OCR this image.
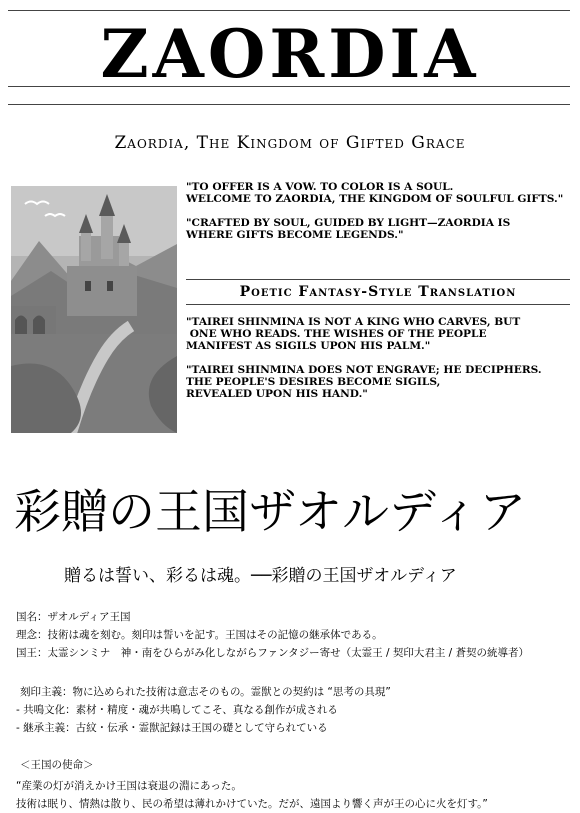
ZAORDIA
Zaordia, The Kingdom of Gifted Grace
"TO OFFER IS A VOW. TO COLOR IS A SOUL.
WELCOME TO ZAORDIA, THE KINGDOM OF SOULFUL GIFTS."
"CRAFTED BY SOUL, GUIDED BY LIGHT—ZAORDIA IS
WHERE GIFTS BECOME LEGENDS."
Poetic Fantasy-Style Translation
"TAIREI SHINMINA IS NOT A KING WHO CARVES, BUT
ONE WHO READS. THE WISHES OF THE PEOPLE
MANIFEST AS SIGILS UPON HIS PALM."
"TAIREI SHINMINA DOES NOT ENGRAVE; HE DECIPHERS.
THE PEOPLE'S DESIRES BECOME SIGILS,
REVEALED UPON HIS HAND."
彩贈の王国ザオルディア
贈るは誓い、彩るは魂。──彩贈の王国ザオルディア
国名：ザオルディア王国
理念：技術は魂を刻む。刻印は誓いを記す。王国はその記憶の継承体である。
国王：太霊シンミナ　神・南をひらがみ化しながらファンタジー寄せ（太霊王 / 契印大君主 / 蒼契の統導者）
刻印主義：物に込められた技術は意志そのもの。霊獣との契約は “思考の具現”
- 共鳴文化：素材・精度・魂が共鳴してこそ、真なる創作が成される
- 継承主義：古紋・伝承・霊獣記録は王国の礎として守られている
＜王国の使命＞
“産業の灯が消えかけ王国は衰退の淵にあった。
技術は眠り、情熱は散り、民の希望は薄れかけていた。だが、遠国より響く声が王の心に火を灯す。”
